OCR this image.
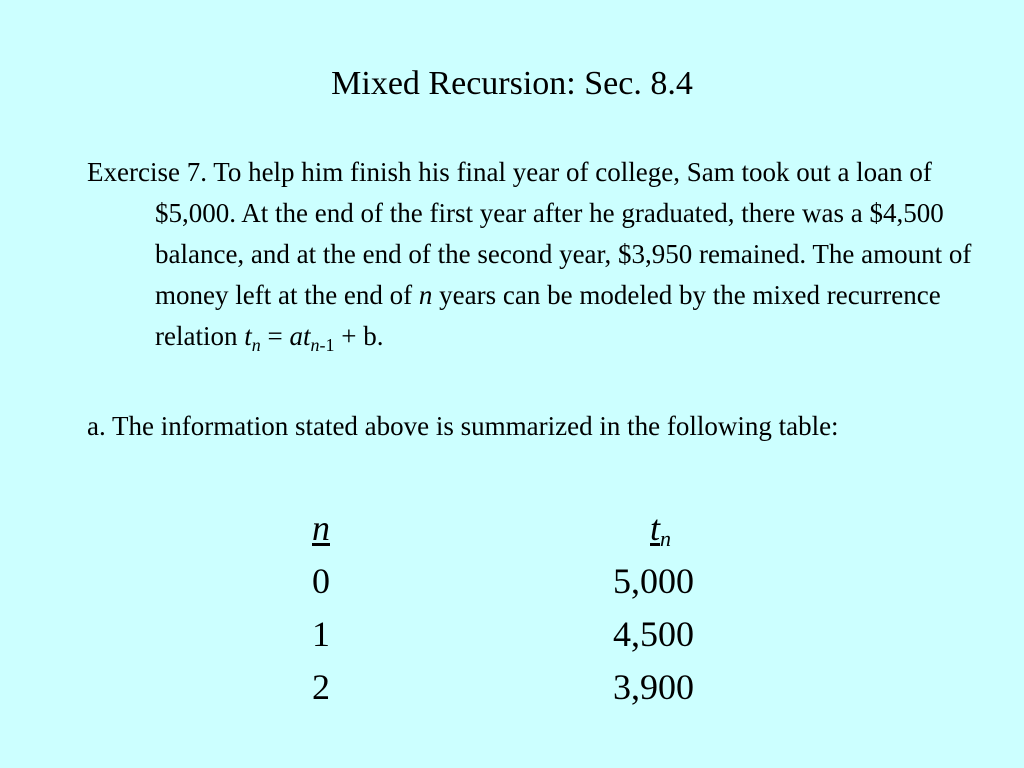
Mixed Recursion: Sec. 8.4
Exercise 7. To help him finish his final year of college, Sam took out a loan of $5,000. At the end of the first year after he graduated, there was a $4,500 balance, and at the end of the second year, $3,950 remained. The amount of money left at the end of n years can be modeled by the mixed recurrence relation $t_n = at_{n-1} + b$.
a. The information stated above is summarized in the following table:
n
0
1
2
$t_n$
5,000
4,500
3,900
